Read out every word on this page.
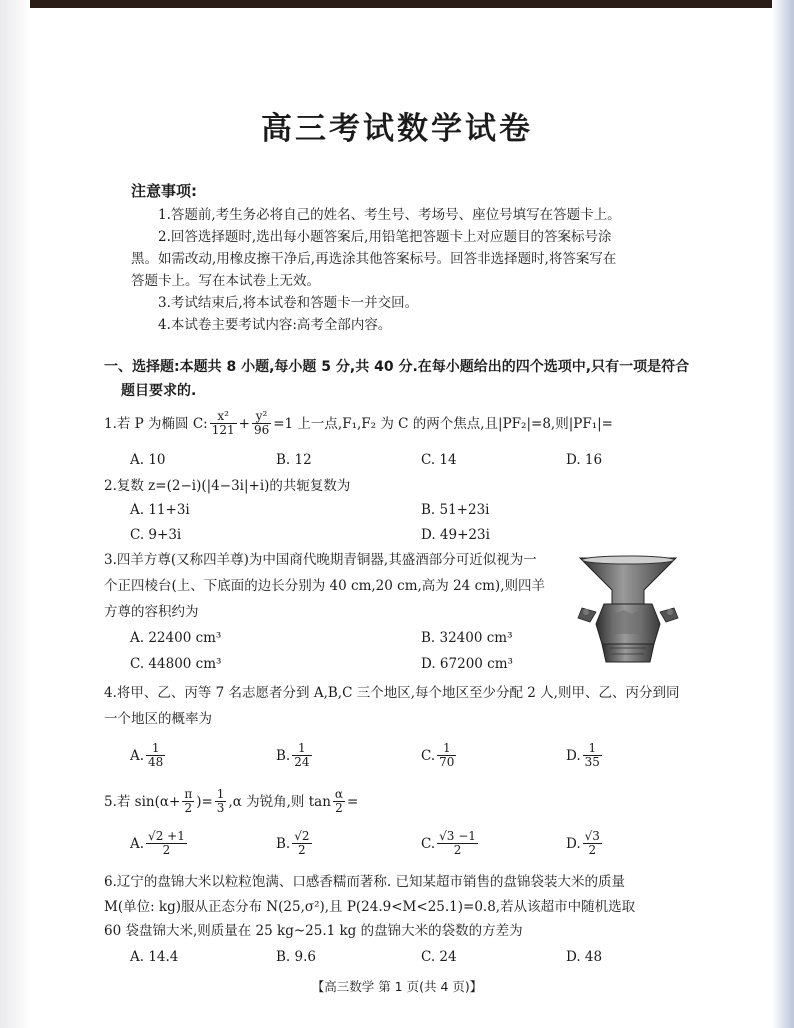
高三考试数学试卷
注意事项:
1.答题前,考生务必将自己的姓名、考生号、考场号、座位号填写在答题卡上。
2.回答选择题时,选出每小题答案后,用铅笔把答题卡上对应题目的答案标号涂
黑。如需改动,用橡皮擦干净后,再选涂其他答案标号。回答非选择题时,将答案写在
答题卡上。写在本试卷上无效。
3.考试结束后,将本试卷和答题卡一并交回。
4.本试卷主要考试内容:高考全部内容。
一、选择题:本题共 8 小题,每小题 5 分,共 40 分.在每小题给出的四个选项中,只有一项是符合
题目要求的.
1.若 P 为椭圆 C: $\frac{\text{x²}}{121} + \frac{\text{y²}}{96} =1$ 上一点,F₁,F₂ 为 C 的两个焦点,且|PF₂|=8,则|PF₁|=
A. 10	B. 12	C. 14	D. 16
2.复数 z=(2−i)(|4−3i|+i)的共轭复数为
A. 11+3i	B. 51+23i
C. 9+3i	D. 49+23i
3.四羊方尊(又称四羊尊)为中国商代晚期青铜器,其盛酒部分可近似视为一
个正四棱台(上、下底面的边长分别为 40 cm,20 cm,高为 24 cm),则四羊
方尊的容积约为
A. 22400 cm³	B. 32400 cm³
C. 44800 cm³	D. 67200 cm³
4.将甲、乙、丙等 7 名志愿者分到 A,B,C 三个地区,每个地区至少分配 2 人,则甲、乙、丙分到同
一个地区的概率为
A. $\frac{1}{48}$	B. $\frac{1}{24}$	C. $\frac{1}{70}$	D. $\frac{1}{35}$
5.若 $\sin(\alpha+ \frac{\pi}{2}$ )= $\frac{1}{3} ,\alpha$ 为锐角,则 $\tan \frac{\alpha}{2}$ =
A. $\frac{√2 +1}{2}$	B. $\frac{√2}{2}$	C. $\frac{√3 -1}{2}$	D. $\frac{√3}{2}$
6.辽宁的盘锦大米以粒粒饱满、口感香糯而著称. 已知某超市销售的盘锦袋装大米的质量
M(单位: kg)服从正态分布 N(25,σ²),且 P(24.9<M<25.1)=0.8,若从该超市中随机选取
60 袋盘锦大米,则质量在 25 kg~25.1 kg 的盘锦大米的袋数的方差为
A. 14.4	B. 9.6	C. 24	D. 48
【高三数学 第 1 页(共 4 页)】
